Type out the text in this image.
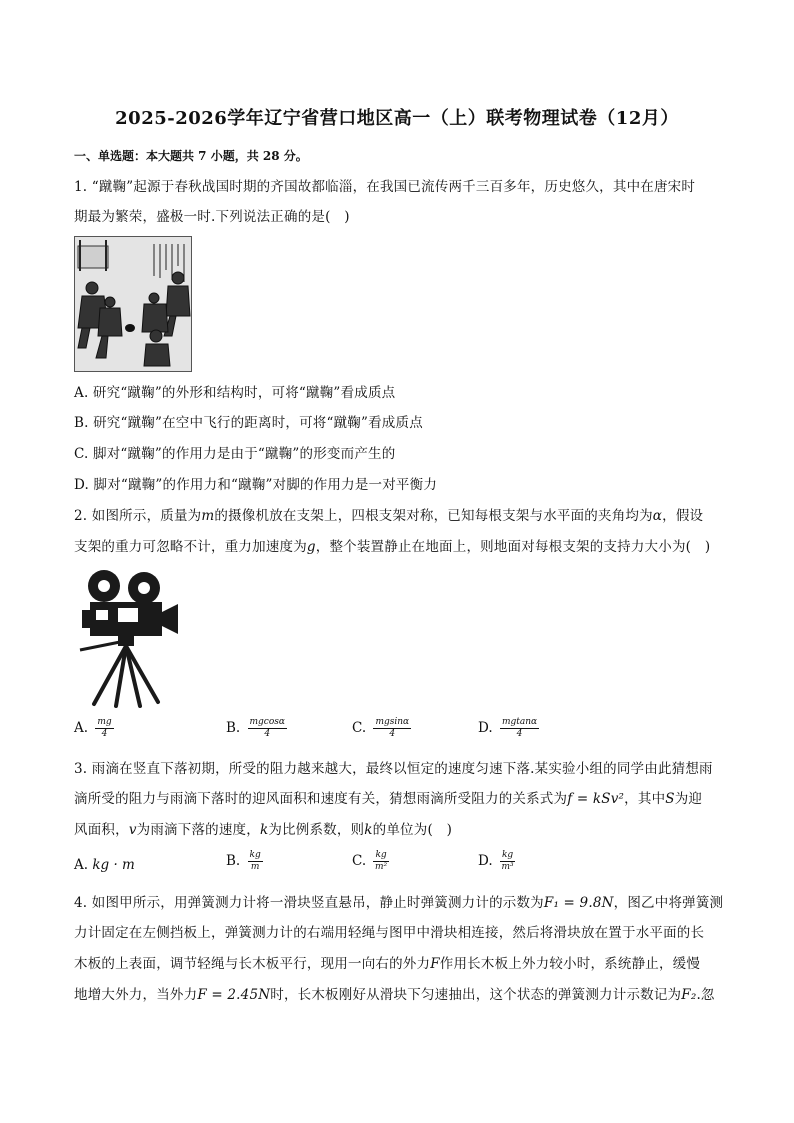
2025-2026学年辽宁省营口地区高一（上）联考物理试卷（12月）
一、单选题：本大题共 7 小题，共 28 分。
1. “蹴鞠”起源于春秋战国时期的齐国故都临淄，在我国已流传两千三百多年，历史悠久，其中在唐宋时
期最为繁荣，盛极一时.下列说法正确的是(　)
A. 研究“蹴鞠”的外形和结构时，可将“蹴鞠”看成质点
B. 研究“蹴鞠”在空中飞行的距离时，可将“蹴鞠”看成质点
C. 脚对“蹴鞠”的作用力是由于“蹴鞠”的形变而产生的
D. 脚对“蹴鞠”的作用力和“蹴鞠”对脚的作用力是一对平衡力
2. 如图所示，质量为m的摄像机放在支架上，四根支架对称，已知每根支架与水平面的夹角均为α，假设
支架的重力可忽略不计，重力加速度为g，整个装置静止在地面上，则地面对每根支架的支持力大小为(　)
A. $\frac{mg}{4}$	B. $\frac{mgcos\alpha}{4}$	C. $\frac{mgsin\alpha}{4}$	D. $\frac{mgtan\alpha}{4}$
3. 雨滴在竖直下落初期，所受的阻力越来越大，最终以恒定的速度匀速下落.某实验小组的同学由此猜想雨
滴所受的阻力与雨滴下落时的迎风面积和速度有关，猜想雨滴所受阻力的关系式为f = kSv²，其中S为迎
风面积，v为雨滴下落的速度，k为比例系数，则k的单位为(　)
A. kg · m	B. $\frac{kg}{m}$	C. $\frac{kg}{\text{m²}}$	D. $\frac{kg}{\text{m³}}$
4. 如图甲所示，用弹簧测力计将一滑块竖直悬吊，静止时弹簧测力计的示数为F₁ = 9.8N，图乙中将弹簧测
力计固定在左侧挡板上，弹簧测力计的右端用轻绳与图甲中滑块相连接，然后将滑块放在置于水平面的长
木板的上表面，调节轻绳与长木板平行，现用一向右的外力F作用长木板上外力较小时，系统静止，缓慢
地增大外力，当外力F = 2.45N时，长木板刚好从滑块下匀速抽出，这个状态的弹簧测力计示数记为F₂.忽
